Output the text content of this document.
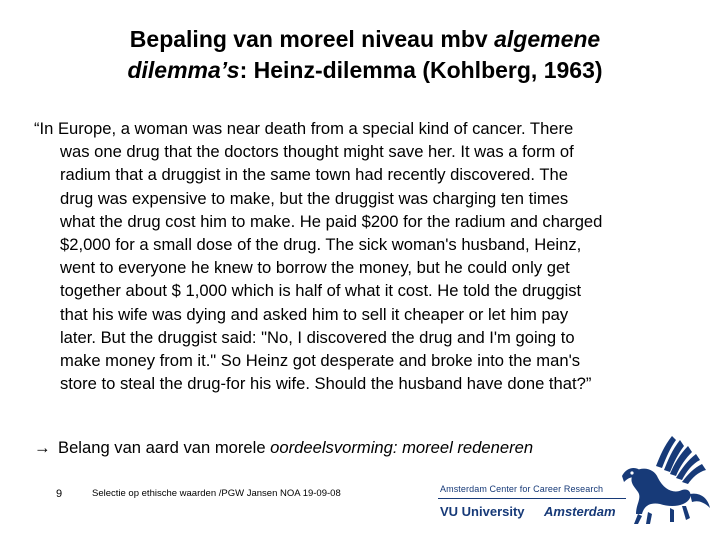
Bepaling van moreel niveau mbv algemene
dilemma’s: Heinz-dilemma (Kohlberg, 1963)
“In Europe, a woman was near death from a special kind of cancer. There
was one drug that the doctors thought might save her. It was a form of
radium that a druggist in the same town had recently discovered. The
drug was expensive to make, but the druggist was charging ten times
what the drug cost him to make. He paid $200 for the radium and charged
$2,000 for a small dose of the drug. The sick woman's husband, Heinz,
went to everyone he knew to borrow the money, but he could only get
together about $ 1,000 which is half of what it cost. He told the druggist
that his wife was dying and asked him to sell it cheaper or let him pay
later. But the druggist said: "No, I discovered the drug and I'm going to
make money from it." So Heinz got desperate and broke into the man's
store to steal the drug-for his wife. Should the husband have done that?”
→ Belang van aard van morele oordeelsvorming: moreel redeneren
9	Selectie op ethische waarden /PGW Jansen NOA 19-09-08	Amsterdam Center for Career Research
VU University Amsterdam
